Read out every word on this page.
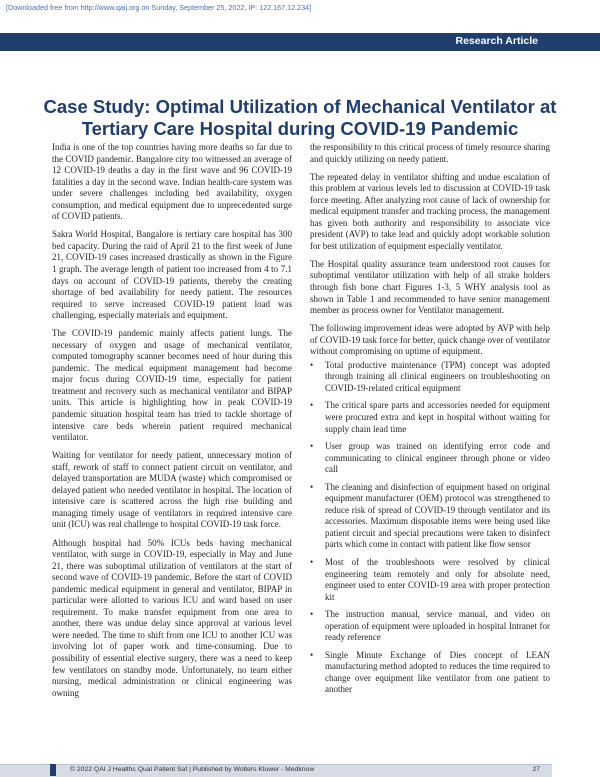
[Downloaded free from http://www.qaij.org on Sunday, September 25, 2022, IP: 122.167.12.234]
Research Article
Case Study: Optimal Utilization of Mechanical Ventilator at Tertiary Care Hospital during COVID-19 Pandemic

India is one of the top countries having more deaths so far due to the COVID pandemic. Bangalore city too witnessed an average of 12 COVID-19 deaths a day in the first wave and 96 COVID-19 fatalities a day in the second wave. Indian health-care system was under severe challenges including bed availability, oxygen consumption, and medical equipment due to unprecedented surge of COVID patients.

Sakra World Hospital, Bangalore is tertiary care hospital has 300 bed capacity. During the raid of April 21 to the first week of June 21, COVID-19 cases increased drastically as shown in the Figure 1 graph. The average length of patient too increased from 4 to 7.1 days on account of COVID-19 patients, thereby the creating shortage of bed availability for needy patient. The resources required to serve increased COVID-19 patient load was challenging, especially materials and equipment.

The COVID-19 pandemic mainly affects patient lungs. The necessary of oxygen and usage of mechanical ventilator, computed tomography scanner becomes need of hour during this pandemic. The medical equipment management had become major focus during COVID-19 time, especially for patient treatment and recovery such as mechanical ventilator and BIPAP units. This article is highlighting how in peak COVID-19 pandemic situation hospital team has tried to tackle shortage of intensive care beds wherein patient required mechanical ventilator.

Waiting for ventilator for needy patient, unnecessary motion of staff, rework of staff to connect patient circuit on ventilator, and delayed transportation are MUDA (waste) which compromised or delayed patient who needed ventilator in hospital. The location of intensive care is scattered across the high rise building and managing timely usage of ventilators in required intensive care unit (ICU) was real challenge to hospital COVID-19 task force.

Although hospital had 50% ICUs beds having mechanical ventilator, with surge in COVID-19, especially in May and June 21, there was suboptimal utilization of ventilators at the start of second wave of COVID-19 pandemic. Before the start of COVID pandemic medical equipment in general and ventilator, BIPAP in particular were allotted to various ICU and ward based on user requirement. To make transfer equipment from one area to another, there was undue delay since approval at various level were needed. The time to shift from one ICU to another ICU was involving lot of paper work and time-consuming. Due to possibility of essential elective surgery, there was a need to keep few ventilators on standby mode. Unfortunately, no team either nursing, medical administration or clinical engineering was owning

the responsibility to this critical process of timely resource sharing and quickly utilizing on needy patient.

The repeated delay in ventilator shifting and undue escalation of this problem at various levels led to discussion at COVID-19 task force meeting. After analyzing root cause of lack of ownership for medical equipment transfer and tracking process, the management has given both authority and responsibility to associate vice president (AVP) to take lead and quickly adopt workable solution for best utilization of equipment especially ventilator.

The Hospital quality assurance team understood root causes for suboptimal ventilator utilization with help of all strake holders through fish bone chart Figures 1-3, 5 WHY analysis tool as shown in Table 1 and recommended to have senior management member as process owner for Ventilator management.

The following improvement ideas were adopted by AVP with help of COVID-19 task force for better, quick change over of ventilator without compromising on uptime of equipment.

• Total productive maintenance (TPM) concept was adopted through training all clinical engineers on troubleshooting on COVID-19-related critical equipment
• The critical spare parts and accessories needed for equipment were procured extra and kept in hospital without waiting for supply chain lead time
• User group was trained on identifying error code and communicating to clinical engineer through phone or video call
• The cleaning and disinfection of equipment based on original equipment manufacturer (OEM) protocol was strengthened to reduce risk of spread of COVID-19 through ventilator and its accessories. Maximum disposable items were being used like patient circuit and special precautions were taken to disinfect parts which come in contact with patient like flow sensor
• Most of the troubleshoots were resolved by clinical engineering team remotely and only for absolute need, engineer used to enter COVID-19 area with proper protection kit
• The instruction manual, service manual, and video on operation of equipment were uploaded in hospital Intranet for ready reference
• Single Minute Exchange of Dies concept of LEAN manufacturing method adopted to reduces the time required to change over equipment like ventilator from one patient to another
© 2022 QAI J Healthc Qual Patient Saf | Published by Wolters Kluwer - Medknow	27
